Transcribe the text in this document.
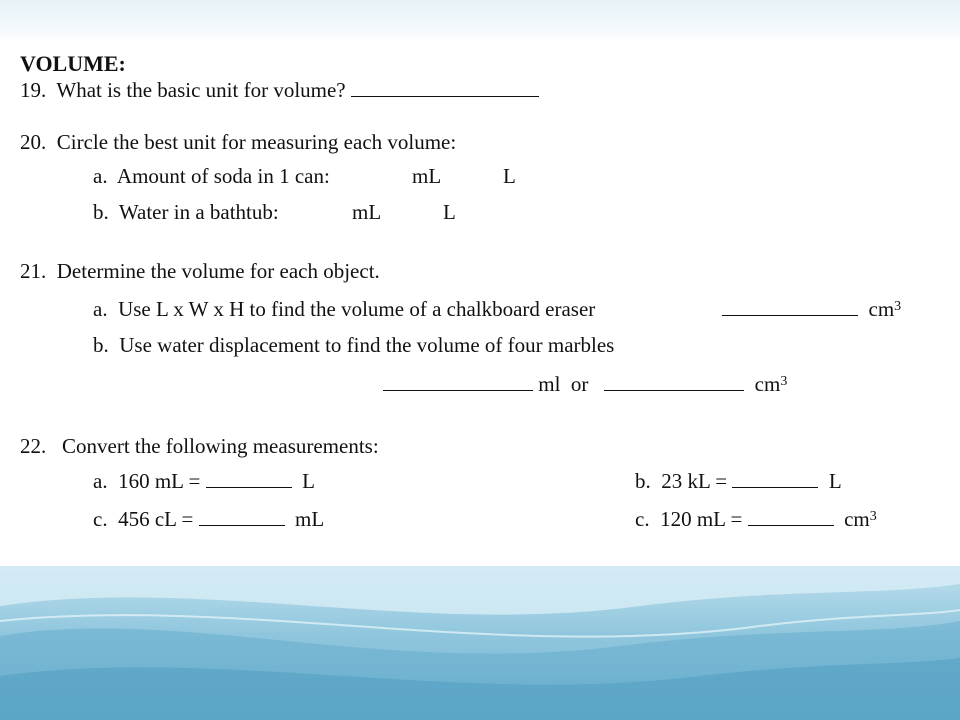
VOLUME:
19. What is the basic unit for volume?
20. Circle the best unit for measuring each volume:
a. Amount of soda in 1 can:	mL	L
b. Water in a bathtub:	mL	L
21. Determine the volume for each object.
a. Use L x W x H to find the volume of a chalkboard eraser	$cm^3$
b. Use water displacement to find the volume of four marbles
ml or	$cm^3$
22. Convert the following measurements:
a. 160 mL =	L	b. 23 kL =	L
c. 456 cL =	mL	c. 120 mL =	$cm^3$
